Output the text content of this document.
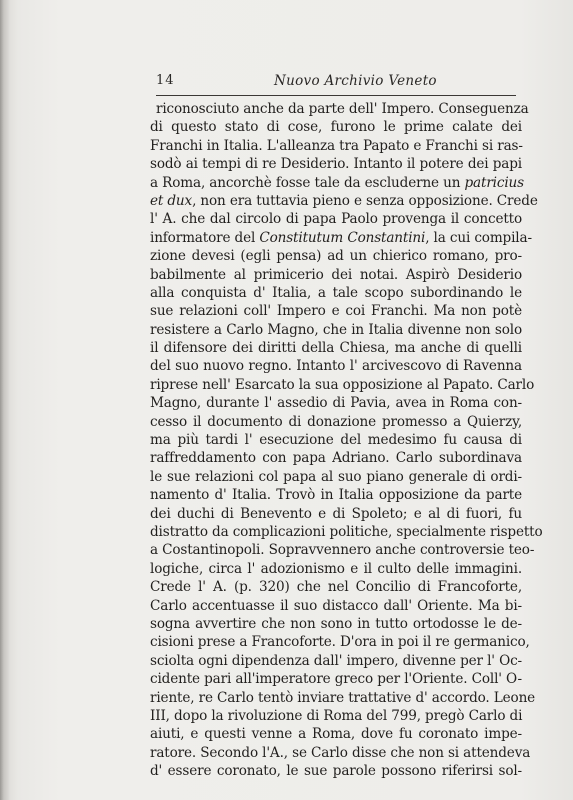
14	Nuovo Archivio Veneto
riconosciuto anche da parte dell' Impero. Conseguenza
di questo stato di cose, furono le prime calate dei
Franchi in Italia. L'alleanza tra Papato e Franchi si ras-
sodò ai tempi di re Desiderio. Intanto il potere dei papi
a Roma, ancorchè fosse tale da escluderne un patricius
et dux, non era tuttavia pieno e senza opposizione. Crede
l' A. che dal circolo di papa Paolo provenga il concetto
informatore del Constitutum Constantini, la cui compila-
zione devesi (egli pensa) ad un chierico romano, pro-
babilmente al primicerio dei notai. Aspirò Desiderio
alla conquista d' Italia, a tale scopo subordinando le
sue relazioni coll' Impero e coi Franchi. Ma non potè
resistere a Carlo Magno, che in Italia divenne non solo
il difensore dei diritti della Chiesa, ma anche di quelli
del suo nuovo regno. Intanto l' arcivescovo di Ravenna
riprese nell' Esarcato la sua opposizione al Papato. Carlo
Magno, durante l' assedio di Pavia, avea in Roma con-
cesso il documento di donazione promesso a Quierzy,
ma più tardi l' esecuzione del medesimo fu causa di
raffreddamento con papa Adriano. Carlo subordinava
le sue relazioni col papa al suo piano generale di ordi-
namento d' Italia. Trovò in Italia opposizione da parte
dei duchi di Benevento e di Spoleto; e al di fuori, fu
distratto da complicazioni politiche, specialmente rispetto
a Costantinopoli. Sopravvennero anche controversie teo-
logiche, circa l' adozionismo e il culto delle immagini.
Crede l' A. (p. 320) che nel Concilio di Francoforte,
Carlo accentuasse il suo distacco dall' Oriente. Ma bi-
sogna avvertire che non sono in tutto ortodosse le de-
cisioni prese a Francoforte. D'ora in poi il re germanico,
sciolta ogni dipendenza dall' impero, divenne per l' Oc-
cidente pari all'imperatore greco per l'Oriente. Coll' O-
riente, re Carlo tentò inviare trattative d' accordo. Leone
III, dopo la rivoluzione di Roma del 799, pregò Carlo di
aiuti, e questi venne a Roma, dove fu coronato impe-
ratore. Secondo l'A., se Carlo disse che non si attendeva
d' essere coronato, le sue parole possono riferirsi sol-
